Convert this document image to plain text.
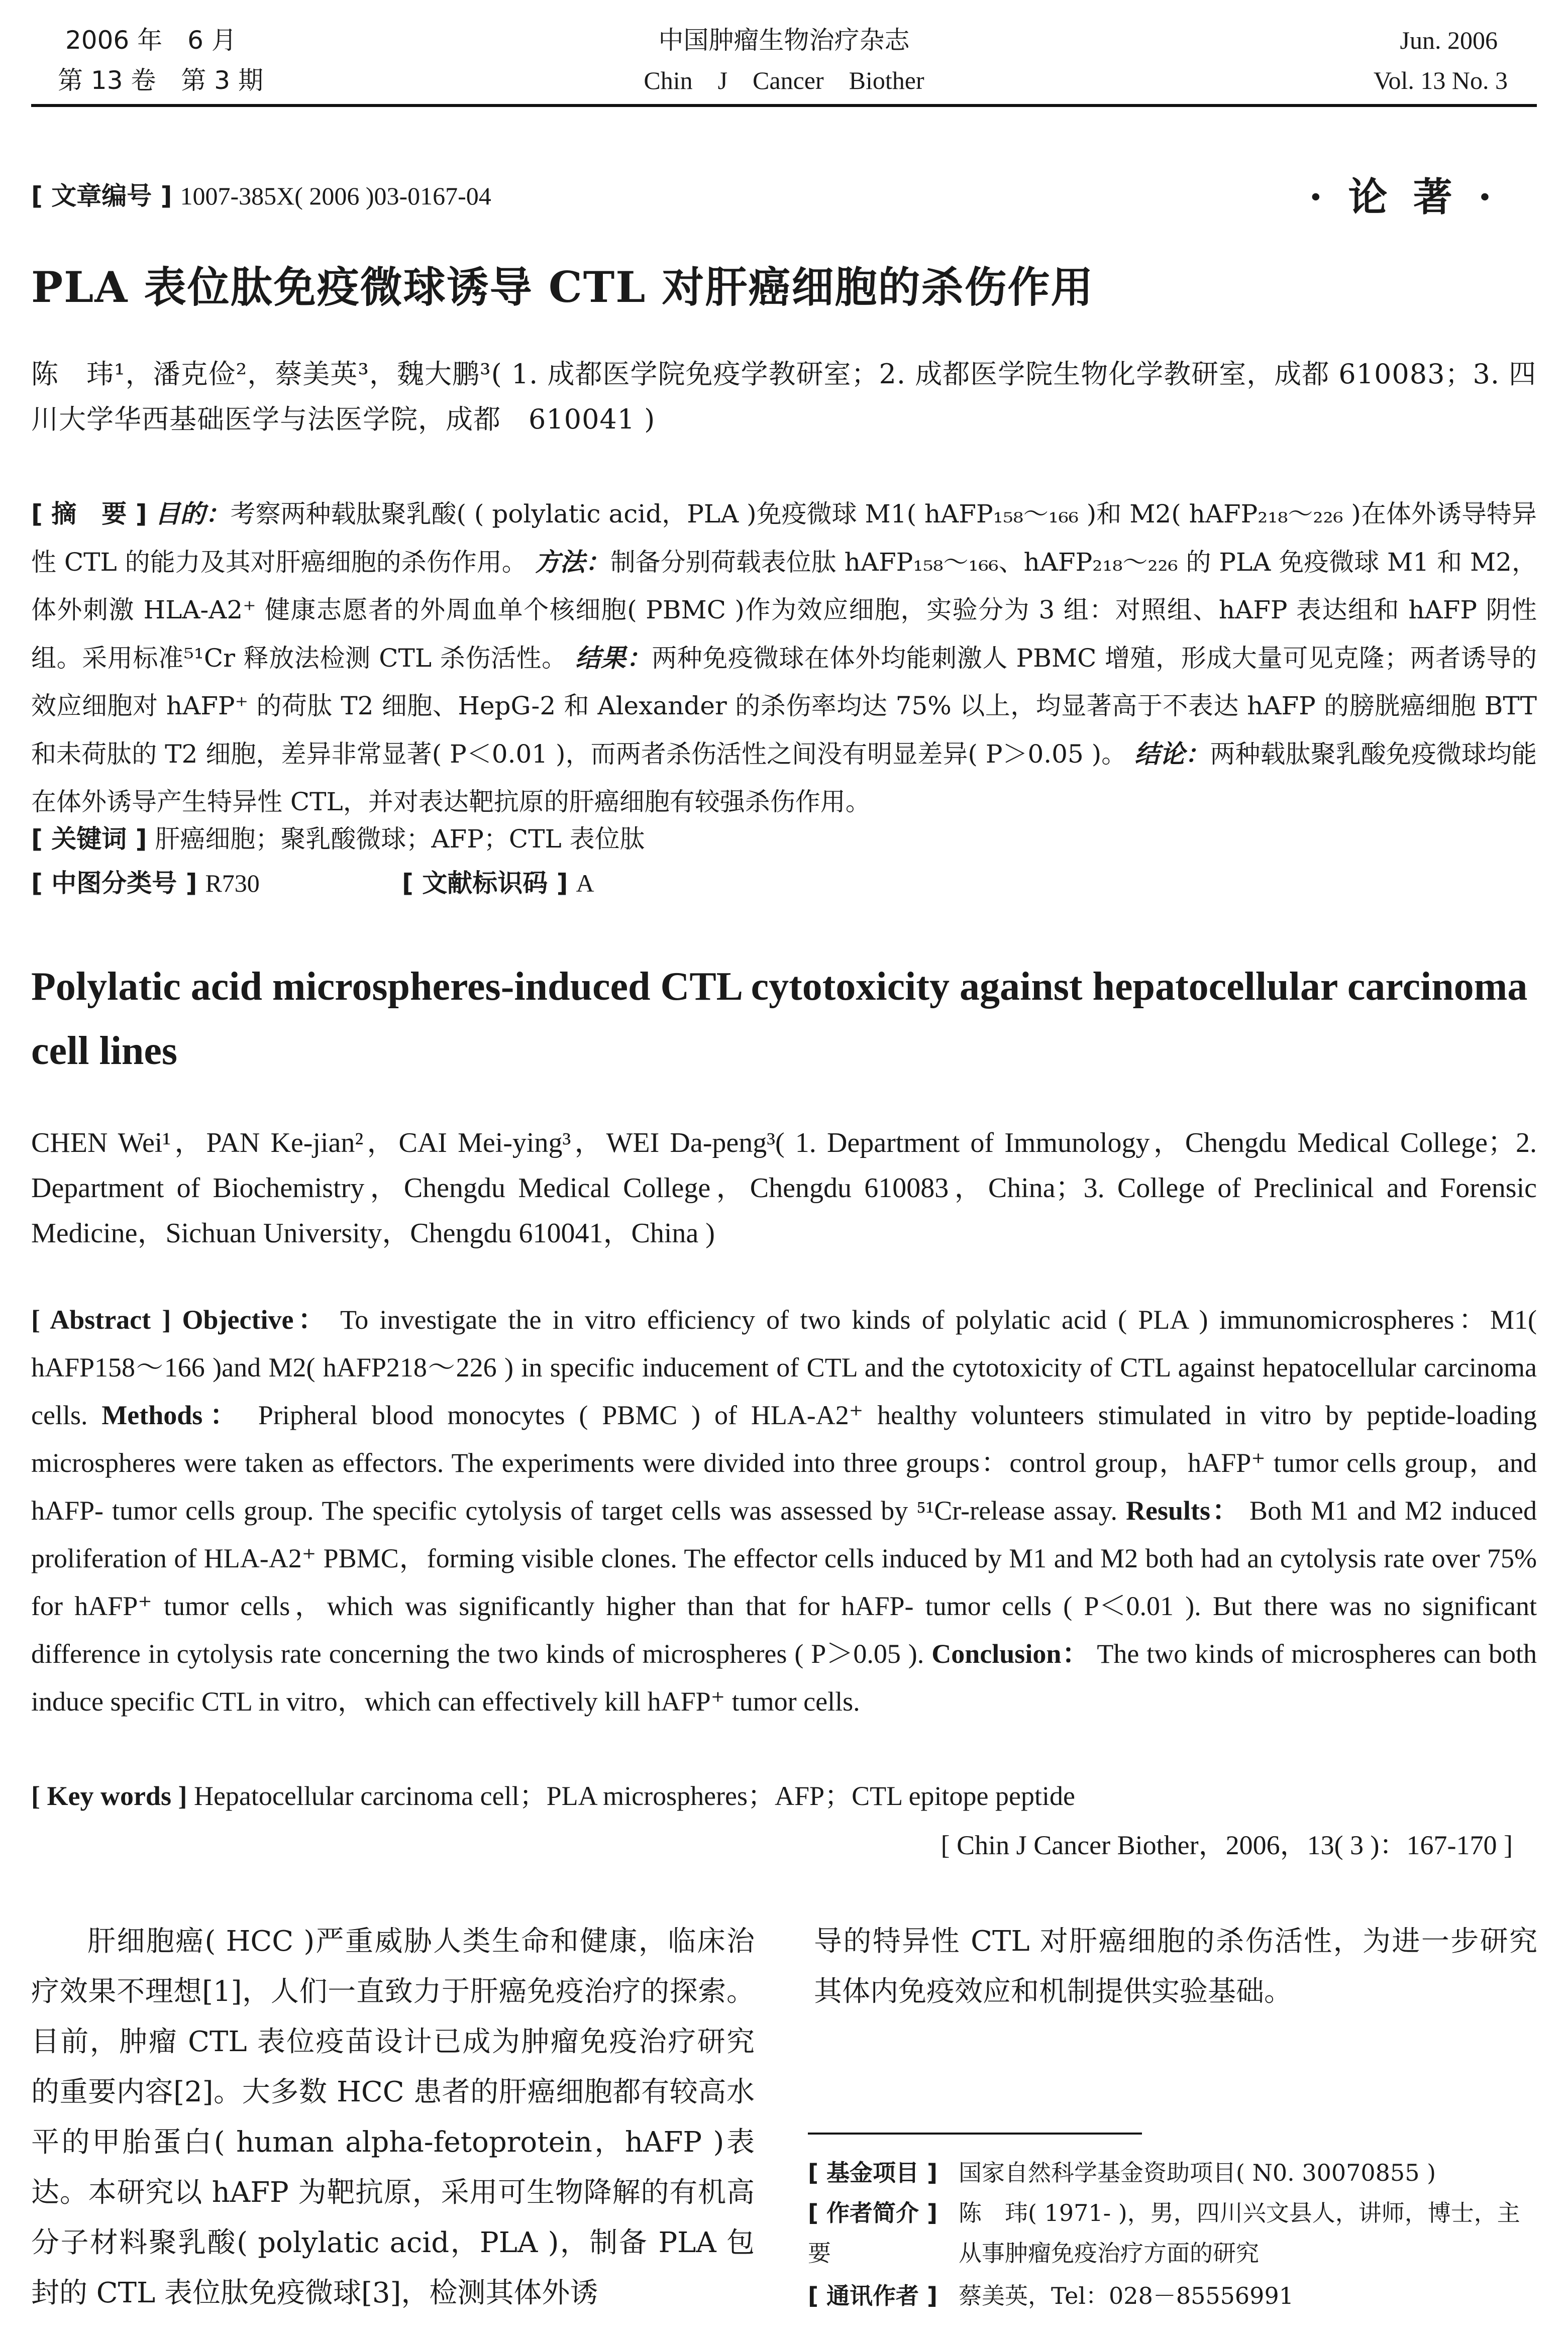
2006 年　6 月
第 13 卷　第 3 期
中国肿瘤生物治疗杂志
Chin　J　Cancer　Biother
Jun. 2006
Vol. 13 No. 3
[ 文章编号 ] 1007-385X( 2006 )03-0167-04	· 论 著 ·
PLA 表位肽免疫微球诱导 CTL 对肝癌细胞的杀伤作用
陈　玮¹，潘克俭²，蔡美英³，魏大鹏³( 1. 成都医学院免疫学教研室；2. 成都医学院生物化学教研室，成都 610083；3. 四川大学华西基础医学与法医学院，成都　610041 )
[ 摘　要 ] 目的：考察两种载肽聚乳酸( ( polylatic acid，PLA )免疫微球 M1( hAFP₁₅₈～₁₆₆ )和 M2( hAFP₂₁₈～₂₂₆ )在体外诱导特异性 CTL 的能力及其对肝癌细胞的杀伤作用。 方法：制备分别荷载表位肽 hAFP₁₅₈～₁₆₆、hAFP₂₁₈～₂₂₆ 的 PLA 免疫微球 M1 和 M2，体外刺激 HLA-A2⁺ 健康志愿者的外周血单个核细胞( PBMC )作为效应细胞，实验分为 3 组：对照组、hAFP 表达组和 hAFP 阴性组。采用标准⁵¹Cr 释放法检测 CTL 杀伤活性。 结果：两种免疫微球在体外均能刺激人 PBMC 增殖，形成大量可见克隆；两者诱导的效应细胞对 hAFP⁺ 的荷肽 T2 细胞、HepG-2 和 Alexander 的杀伤率均达 75% 以上，均显著高于不表达 hAFP 的膀胱癌细胞 BTT 和未荷肽的 T2 细胞，差异非常显著( P＜0.01 )，而两者杀伤活性之间没有明显差异( P＞0.05 )。 结论：两种载肽聚乳酸免疫微球均能在体外诱导产生特异性 CTL，并对表达靶抗原的肝癌细胞有较强杀伤作用。
[ 关键词 ] 肝癌细胞；聚乳酸微球；AFP；CTL 表位肽
[ 中图分类号 ] R730	[ 文献标识码 ] A
Polylatic acid microspheres-induced CTL cytotoxicity against hepatocellular carcinoma cell lines
CHEN Wei¹，PAN Ke-jian²，CAI Mei-ying³，WEI Da-peng³( 1. Department of Immunology，Chengdu Medical College；2. Department of Biochemistry，Chengdu Medical College，Chengdu 610083，China；3. College of Preclinical and Forensic Medicine，Sichuan University，Chengdu 610041，China )
[ Abstract ] Objective： To investigate the in vitro efficiency of two kinds of polylatic acid ( PLA ) immunomicrospheres：M1( hAFP158～166 )and M2( hAFP218～226 ) in specific inducement of CTL and the cytotoxicity of CTL against hepatocellular carcinoma cells. Methods： Pripheral blood monocytes ( PBMC ) of HLA-A2⁺ healthy volunteers stimulated in vitro by peptide-loading microspheres were taken as effectors. The experiments were divided into three groups：control group，hAFP⁺ tumor cells group，and hAFP- tumor cells group. The specific cytolysis of target cells was assessed by ⁵¹Cr-release assay. Results： Both M1 and M2 induced proliferation of HLA-A2⁺ PBMC，forming visible clones. The effector cells induced by M1 and M2 both had an cytolysis rate over 75% for hAFP⁺ tumor cells，which was significantly higher than that for hAFP- tumor cells ( P＜0.01 ). But there was no significant difference in cytolysis rate concerning the two kinds of microspheres ( P＞0.05 ). Conclusion： The two kinds of microspheres can both induce specific CTL in vitro，which can effectively kill hAFP⁺ tumor cells.
[ Key words ] Hepatocellular carcinoma cell；PLA microspheres；AFP；CTL epitope peptide
[ Chin J Cancer Biother，2006，13( 3 )：167-170 ]
肝细胞癌( HCC )严重威胁人类生命和健康，临床治疗效果不理想[1]，人们一直致力于肝癌免疫治疗的探索。目前，肿瘤 CTL 表位疫苗设计已成为肿瘤免疫治疗研究的重要内容[2]。大多数 HCC 患者的肝癌细胞都有较高水平的甲胎蛋白( human alpha-fetoprotein，hAFP )表达。本研究以 hAFP 为靶抗原，采用可生物降解的有机高分子材料聚乳酸( polylatic acid，PLA )，制备 PLA 包封的 CTL 表位肽免疫微球[3]，检测其体外诱
导的特异性 CTL 对肝癌细胞的杀伤活性，为进一步研究其体内免疫效应和机制提供实验基础。
[ 基金项目 ] 国家自然科学基金资助项目( N0. 30070855 )
[ 作者简介 ] 陈　玮( 1971- )，男，四川兴文县人，讲师，博士，主要	从事肿瘤免疫治疗方面的研究
[ 通讯作者 ] 蔡美英，Tel：028－85556991
